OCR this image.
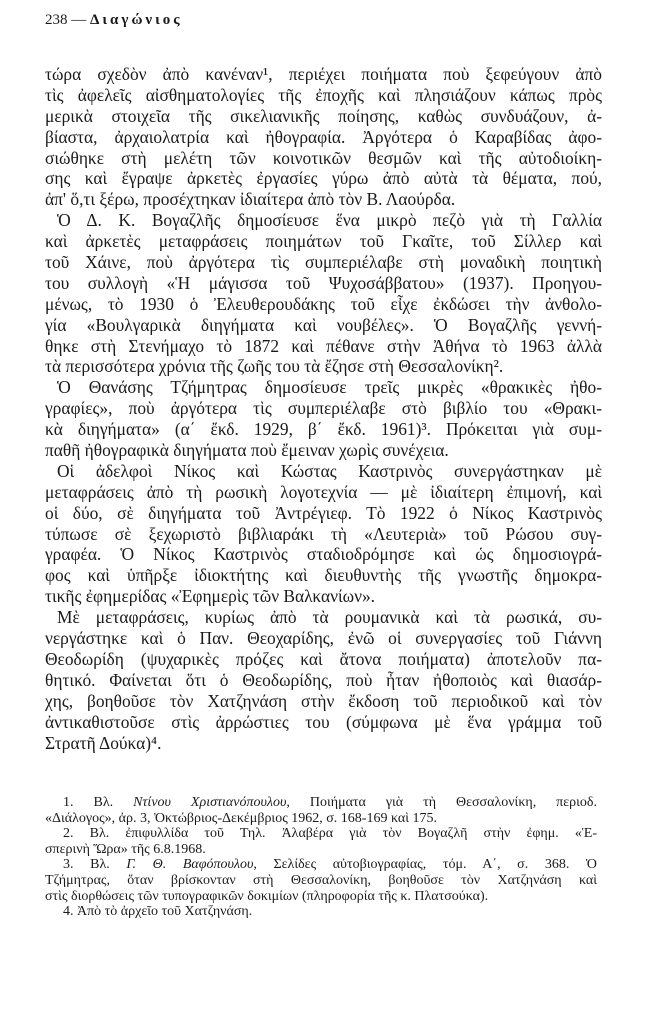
238 — Διαγώνιος
τώρα σχεδὸν ἀπὸ κανέναν¹, περιέχει ποιήματα ποὺ ξεφεύγουν ἀπὸ
τὶς ἀφελεῖς αἰσθηματολογίες τῆς ἐποχῆς καὶ πλησιάζουν κάπως πρὸς
μερικὰ στοιχεῖα τῆς σικελιανικῆς ποίησης, καθὼς συνδυάζουν, ἀ-
βίαστα, ἀρχαιολατρία καὶ ἠθογραφία. Ἀργότερα ὁ Καραβίδας ἀφο-
σιώθηκε στὴ μελέτη τῶν κοινοτικῶν θεσμῶν καὶ τῆς αὐτοδιοίκη-
σης καὶ ἔγραψε ἀρκετὲς ἐργασίες γύρω ἀπὸ αὐτὰ τὰ θέματα, πού,
ἀπ' ὅ,τι ξέρω, προσέχτηκαν ἰδιαίτερα ἀπὸ τὸν Β. Λαούρδα.
Ὁ Δ. Κ. Βογαζλῆς δημοσίευσε ἕνα μικρὸ πεζὸ γιὰ τὴ Γαλλία
καὶ ἀρκετὲς μεταφράσεις ποιημάτων τοῦ Γκαῖτε, τοῦ Σίλλερ καὶ
τοῦ Χάινε, ποὺ ἀργότερα τὶς συμπεριέλαβε στὴ μοναδικὴ ποιητικὴ
του συλλογὴ «Ἡ μάγισσα τοῦ Ψυχοσάββατου» (1937). Προηγου-
μένως, τὸ 1930 ὁ Ἐλευθερουδάκης τοῦ εἶχε ἐκδώσει τὴν ἀνθολο-
γία «Βουλγαρικὰ διηγήματα καὶ νουβέλες». Ὁ Βογαζλῆς γεννή-
θηκε στὴ Στενήμαχο τὸ 1872 καὶ πέθανε στὴν Ἀθήνα τὸ 1963 ἀλλὰ
τὰ περισσότερα χρόνια τῆς ζωῆς του τὰ ἔζησε στὴ Θεσσαλονίκη².
Ὁ Θανάσης Τζήμητρας δημοσίευσε τρεῖς μικρὲς «θρακικὲς ἠθο-
γραφίες», ποὺ ἀργότερα τὶς συμπεριέλαβε στὸ βιβλίο του «Θρακι-
κὰ διηγήματα» (α΄ ἔκδ. 1929, β΄ ἔκδ. 1961)³. Πρόκειται γιὰ συμ-
παθῆ ἠθογραφικὰ διηγήματα ποὺ ἔμειναν χωρὶς συνέχεια.
Οἱ ἀδελφοὶ Νίκος καὶ Κώστας Καστρινὸς συνεργάστηκαν μὲ
μεταφράσεις ἀπὸ τὴ ρωσικὴ λογοτεχνία — μὲ ἰδιαίτερη ἐπιμονή, καὶ
οἱ δύο, σὲ διηγήματα τοῦ Ἀντρέγιεφ. Τὸ 1922 ὁ Νίκος Καστρινὸς
τύπωσε σὲ ξεχωριστὸ βιβλιαράκι τὴ «Λευτεριὰ» τοῦ Ρώσου συγ-
γραφέα. Ὁ Νίκος Καστρινὸς σταδιοδρόμησε καὶ ὡς δημοσιογρά-
φος καὶ ὑπῆρξε ἰδιοκτήτης καὶ διευθυντὴς τῆς γνωστῆς δημοκρα-
τικῆς ἐφημερίδας «Ἐφημερὶς τῶν Βαλκανίων».
Μὲ μεταφράσεις, κυρίως ἀπὸ τὰ ρουμανικὰ καὶ τὰ ρωσικά, συ-
νεργάστηκε καὶ ὁ Παν. Θεοχαρίδης, ἐνῶ οἱ συνεργασίες τοῦ Γιάννη
Θεοδωρίδη (ψυχαρικὲς πρόζες καὶ ἄτονα ποιήματα) ἀποτελοῦν πα-
θητικό. Φαίνεται ὅτι ὁ Θεοδωρίδης, ποὺ ἦταν ἠθοποιὸς καὶ θιασάρ-
χης, βοηθοῦσε τὸν Χατζηνάση στὴν ἔκδοση τοῦ περιοδικοῦ καὶ τὸν
ἀντικαθιστοῦσε στὶς ἀρρώστιες του (σύμφωνα μὲ ἕνα γράμμα τοῦ
Στρατῆ Δούκα)⁴.
1. Βλ. Ντίνου Χριστιανόπουλου, Ποιήματα γιὰ τὴ Θεσσαλονίκη, περιοδ.
«Διάλογος», ἀρ. 3, Ὀκτώβριος-Δεκέμβριος 1962, σ. 168-169 καὶ 175.
2. Βλ. ἐπιφυλλίδα τοῦ Τηλ. Ἀλαβέρα γιὰ τὸν Βογαζλῆ στὴν ἐφημ. «Ἑ-
σπερινὴ Ὥρα» τῆς 6.8.1968.
3. Βλ. Γ. Θ. Βαφόπουλου, Σελίδες αὐτοβιογραφίας, τόμ. Α΄, σ. 368. Ὁ
Τζήμητρας, ὅταν βρίσκονταν στὴ Θεσσαλονίκη, βοηθοῦσε τὸν Χατζηνάση καὶ
στὶς διορθώσεις τῶν τυπογραφικῶν δοκιμίων (πληροφορία τῆς κ. Πλατσούκα).
4. Ἀπὸ τὸ ἀρχεῖο τοῦ Χατζηνάση.
